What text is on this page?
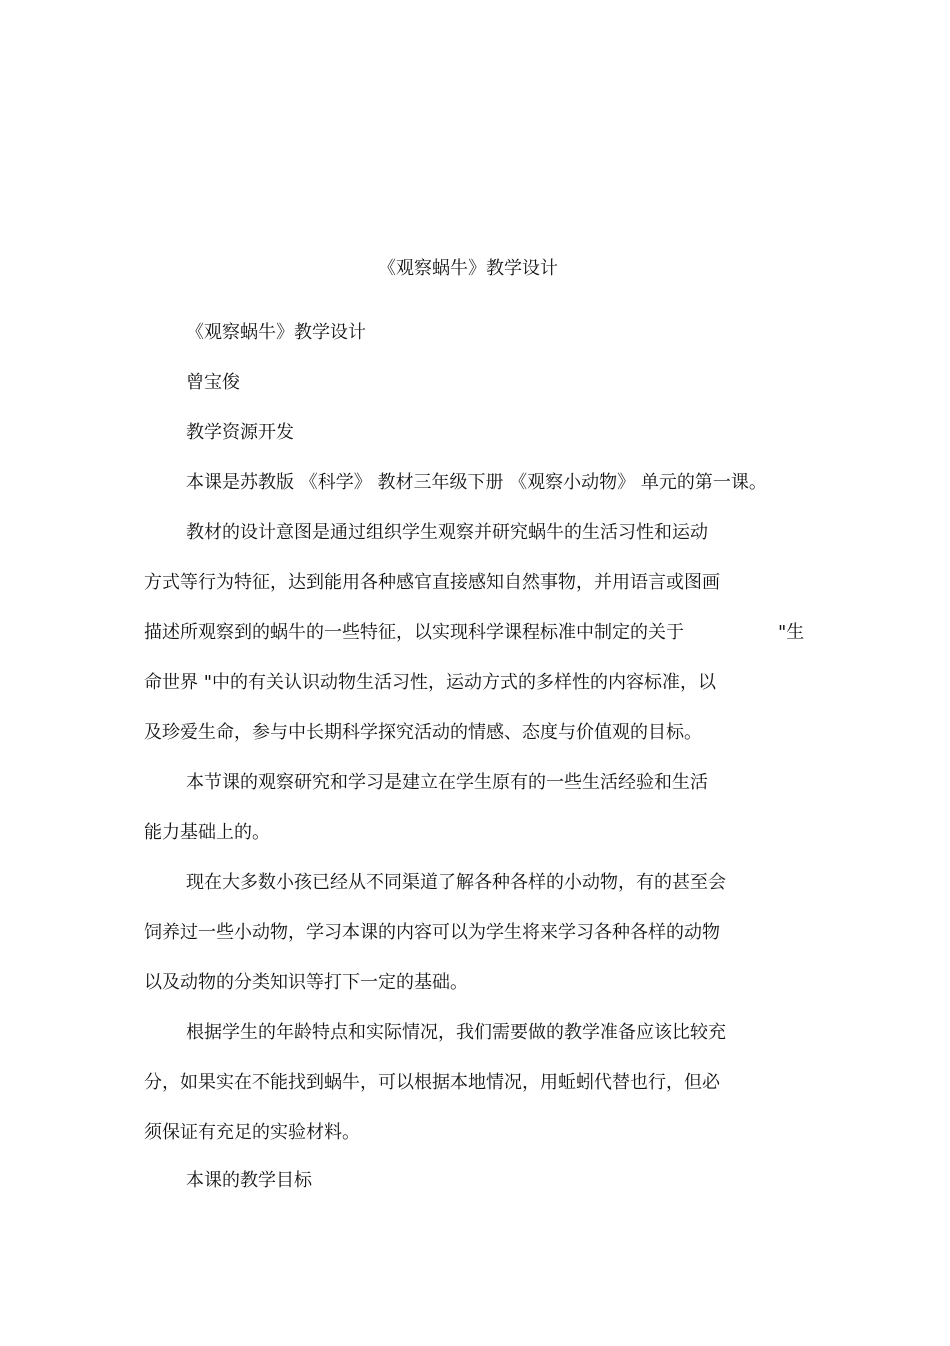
《观察蜗牛》教学设计
《观察蜗牛》教学设计
曾宝俊
教学资源开发
本课是苏教版 《科学》 教材三年级下册 《观察小动物》 单元的第一课。
教材的设计意图是通过组织学生观察并研究蜗牛的生活习性和运动
方式等行为特征，达到能用各种感官直接感知自然事物，并用语言或图画
描述所观察到的蜗牛的一些特征，以实现科学课程标准中制定的关于	"生
命世界 "中的有关认识动物生活习性，运动方式的多样性的内容标准，以
及珍爱生命，参与中长期科学探究活动的情感、态度与价值观的目标。
本节课的观察研究和学习是建立在学生原有的一些生活经验和生活
能力基础上的。
现在大多数小孩已经从不同渠道了解各种各样的小动物，有的甚至会
饲养过一些小动物，学习本课的内容可以为学生将来学习各种各样的动物
以及动物的分类知识等打下一定的基础。
根据学生的年龄特点和实际情况，我们需要做的教学准备应该比较充
分，如果实在不能找到蜗牛，可以根据本地情况，用蚯蚓代替也行，但必
须保证有充足的实验材料。
本课的教学目标
